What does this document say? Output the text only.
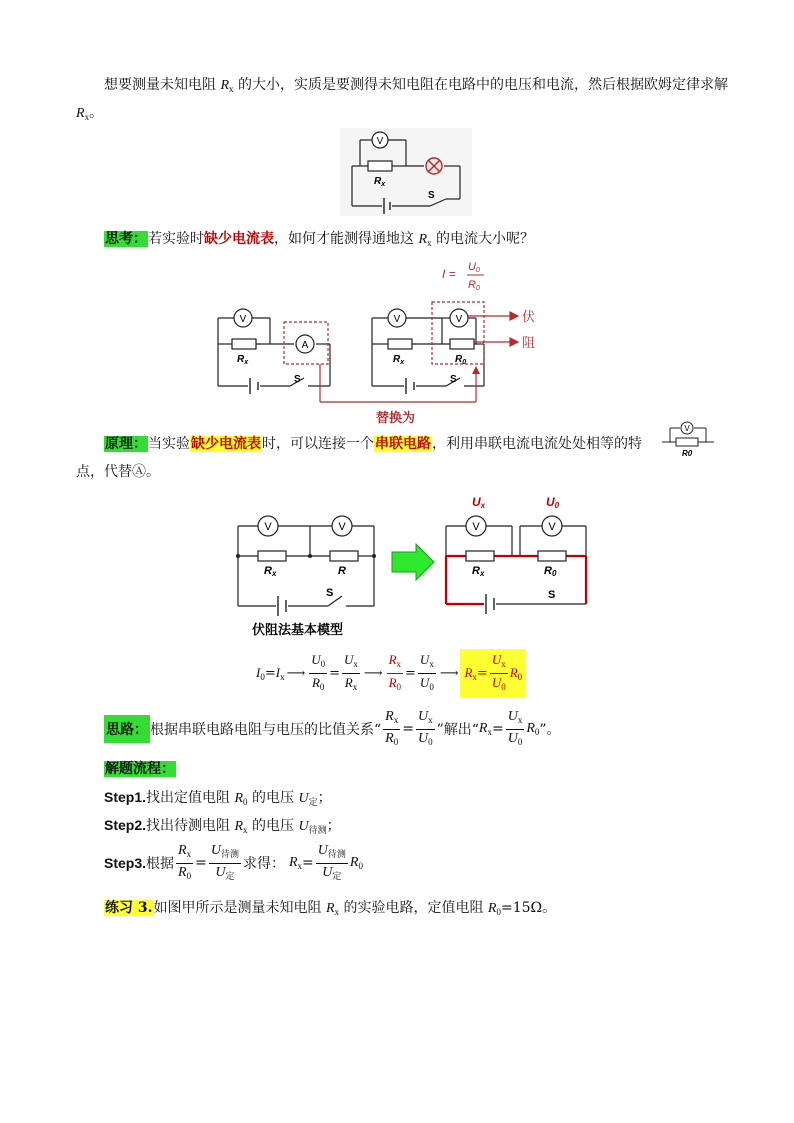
想要测量未知电阻 $R_x$ 的大小，实质是要测得未知电阻在电路中的电压和电流，然后根据欧姆定律求解
$R_x$。
V
$R_x$
S
思考：若实验时缺少电流表，如何才能测得通地这 $R_x$ 的电流大小呢？
V
$R_x$
A
S
V
$R_x$
V
$R_0$
S
I = U0
R0
伏
阻
替换为
原理：当实验缺少电流表时，可以连接一个串联电路，利用串联电流电流处处相等的特
点，代替Ⓐ。
V
R0
V	V
Rx	R
S
伏阻法基本模型
V	V
Ux	U0
Rx	R0
S
$I_0 = I_x$ ⟶ $\frac{U_0}{R_0} = \frac{U_x}{R_x}$ ⟶ $\frac{R_x}{R_0} = \frac{U_x}{U_0}$ ⟶ $R_x = \frac{U_x}{U_0} R_0$
思路： 根据串联电路电阻与电压的比值关系“ $\frac{R_x}{R_0} = \frac{U_x}{U_0}$ ”解出“ $R_x = \frac{U_x}{U_0} R_0$ ”。
解题流程：
Step1.找出定值电阻 $R_0$ 的电压 $U_定$；
Step2.找出待测电阻 $R_x$ 的电压 $U_{待测}$；
Step3. 根据 $\frac{R_x}{R_0} = \frac{U_{待测}}{U_定}$ 求得： $R_x = \frac{U_{待测}}{U_定} R_0$
练习 3.如图甲所示是测量未知电阻 $R_x$ 的实验电路，定值电阻 $R_0=15\Omega$。
